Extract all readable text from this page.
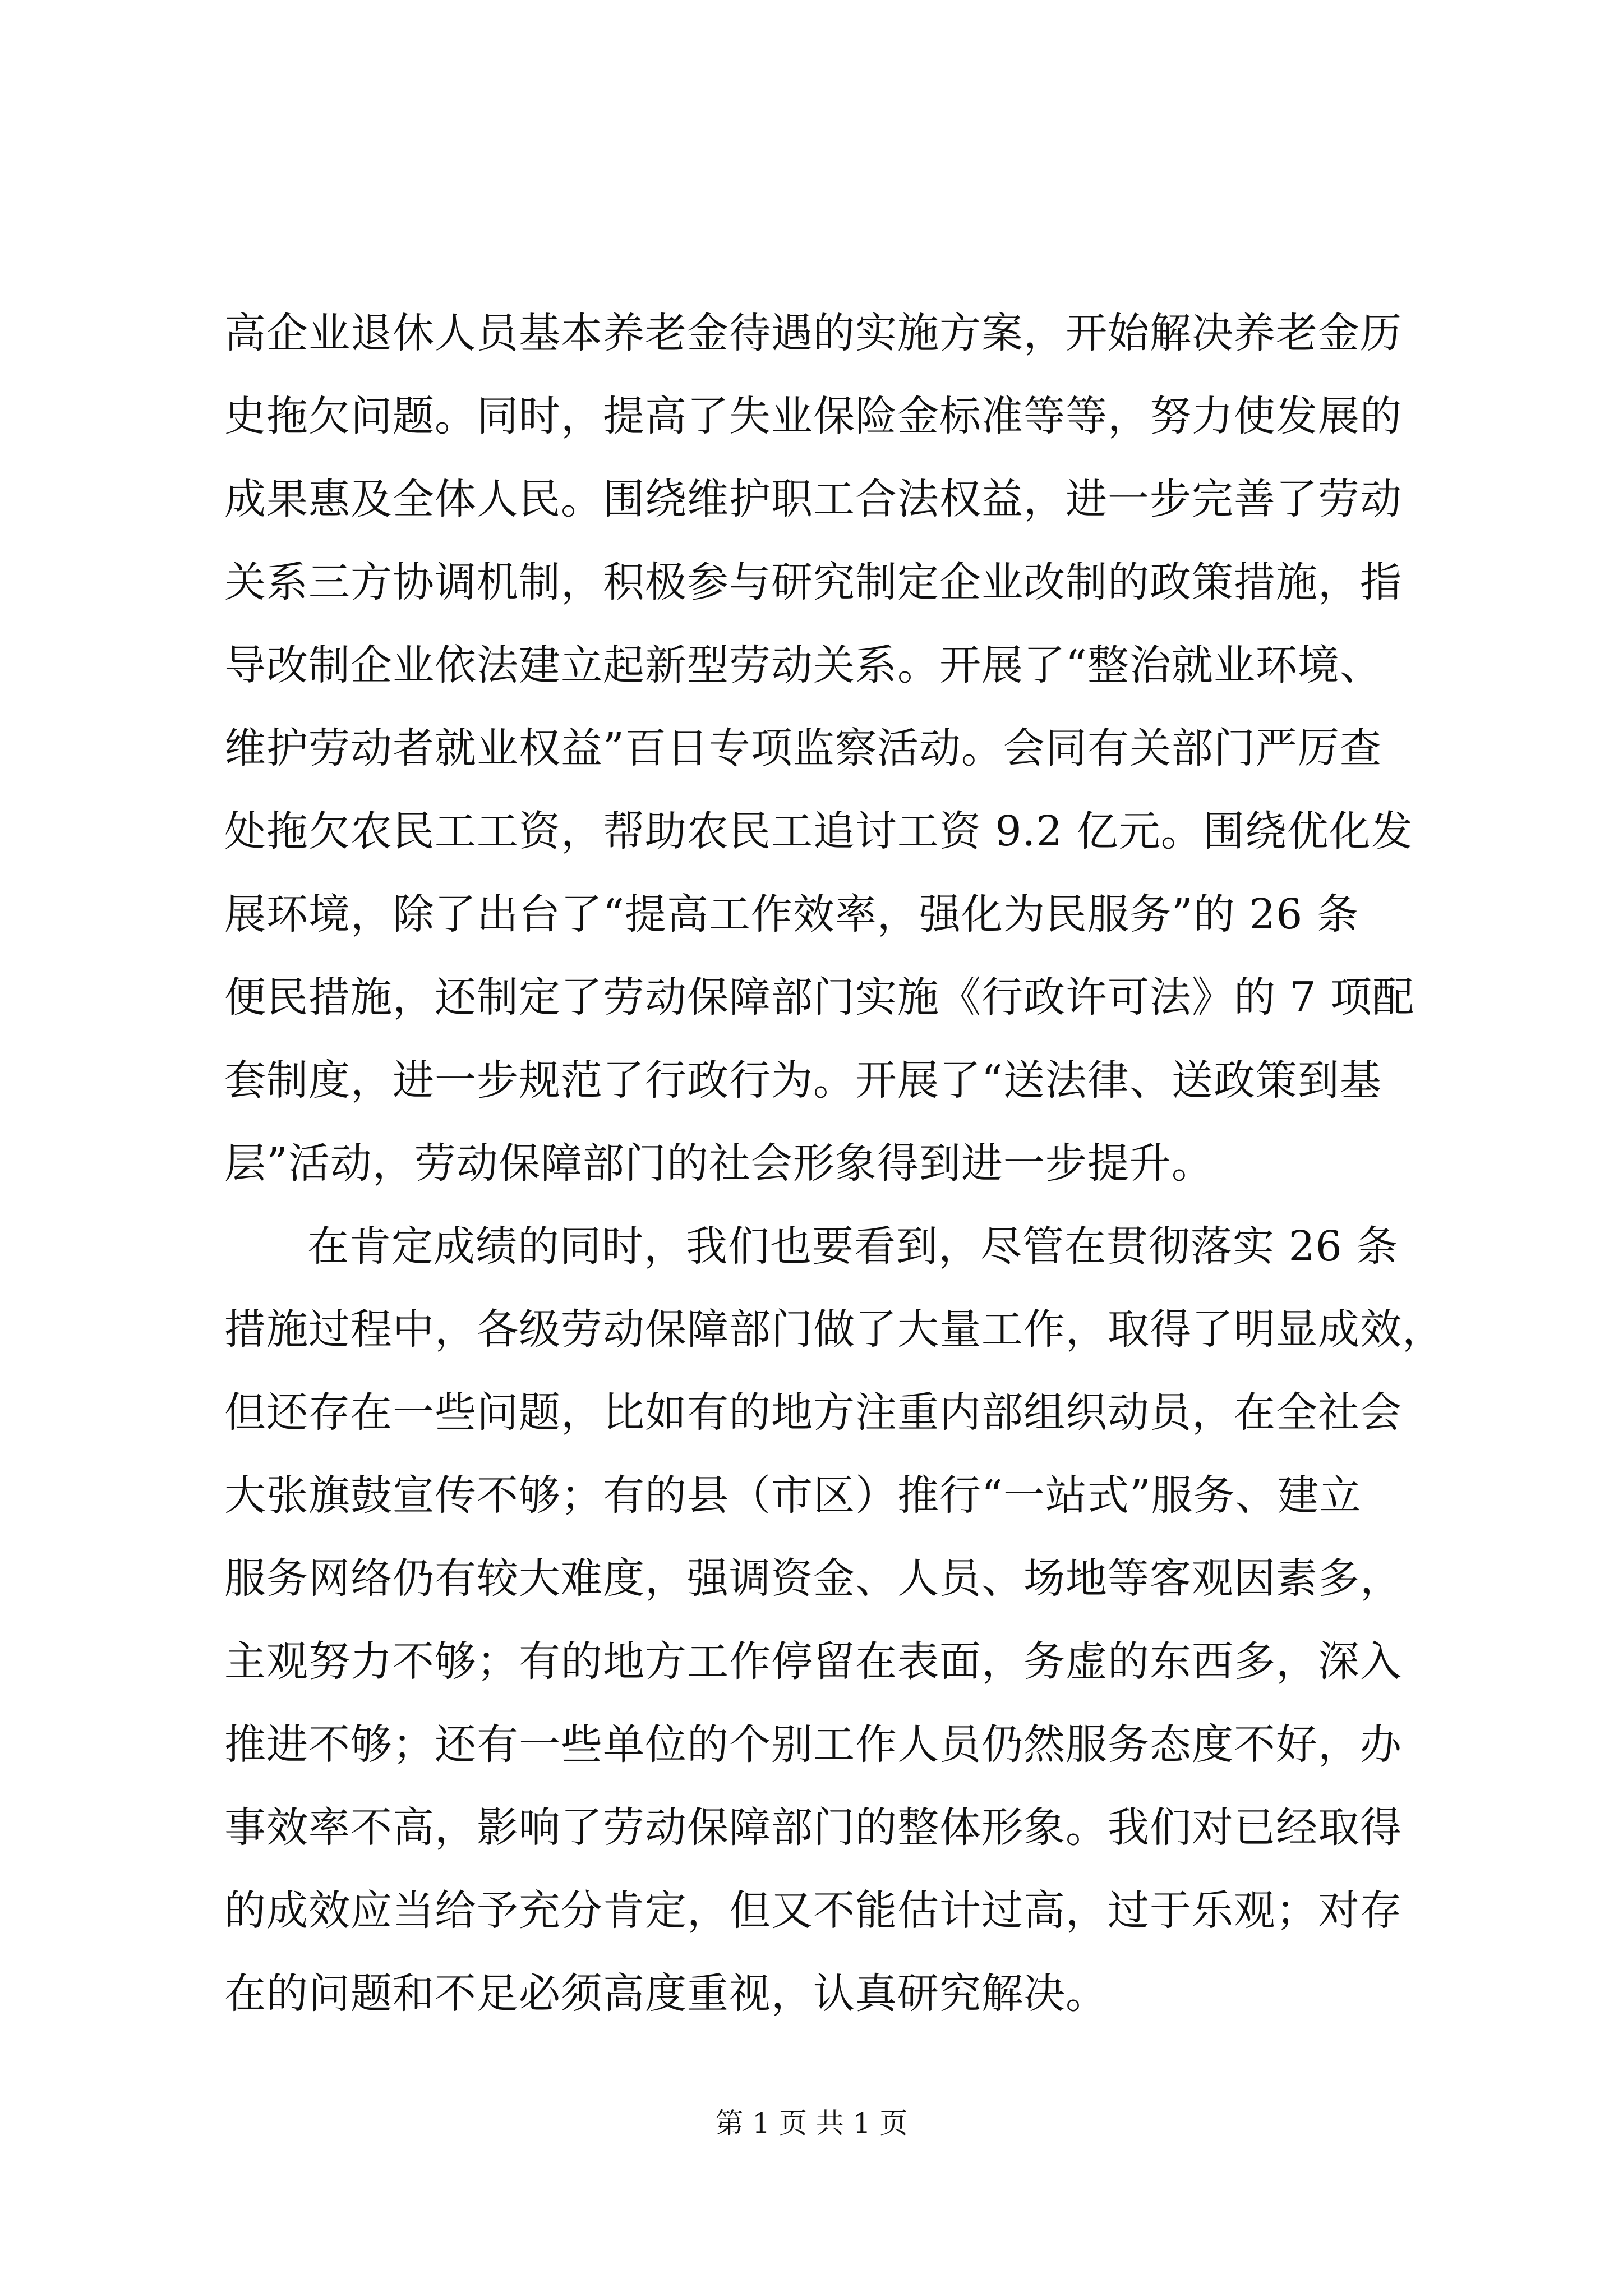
高企业退休人员基本养老金待遇的实施方案，开始解决养老金历
史拖欠问题。同时，提高了失业保险金标准等等，努力使发展的
成果惠及全体人民。围绕维护职工合法权益，进一步完善了劳动
关系三方协调机制，积极参与研究制定企业改制的政策措施，指
导改制企业依法建立起新型劳动关系。开展了“整治就业环境、
维护劳动者就业权益”百日专项监察活动。会同有关部门严厉查
处拖欠农民工工资，帮助农民工追讨工资 9.2 亿元。围绕优化发
展环境，除了出台了“提高工作效率，强化为民服务”的 26 条
便民措施，还制定了劳动保障部门实施《行政许可法》的 7 项配
套制度，进一步规范了行政行为。开展了“送法律、送政策到基
层”活动，劳动保障部门的社会形象得到进一步提升。
在肯定成绩的同时，我们也要看到，尽管在贯彻落实 26 条
措施过程中，各级劳动保障部门做了大量工作，取得了明显成效，
但还存在一些问题，比如有的地方注重内部组织动员，在全社会
大张旗鼓宣传不够；有的县（市区）推行“一站式”服务、建立
服务网络仍有较大难度，强调资金、人员、场地等客观因素多，
主观努力不够；有的地方工作停留在表面，务虚的东西多，深入
推进不够；还有一些单位的个别工作人员仍然服务态度不好，办
事效率不高，影响了劳动保障部门的整体形象。我们对已经取得
的成效应当给予充分肯定，但又不能估计过高，过于乐观；对存
在的问题和不足必须高度重视，认真研究解决。
第 1 页 共 1 页
